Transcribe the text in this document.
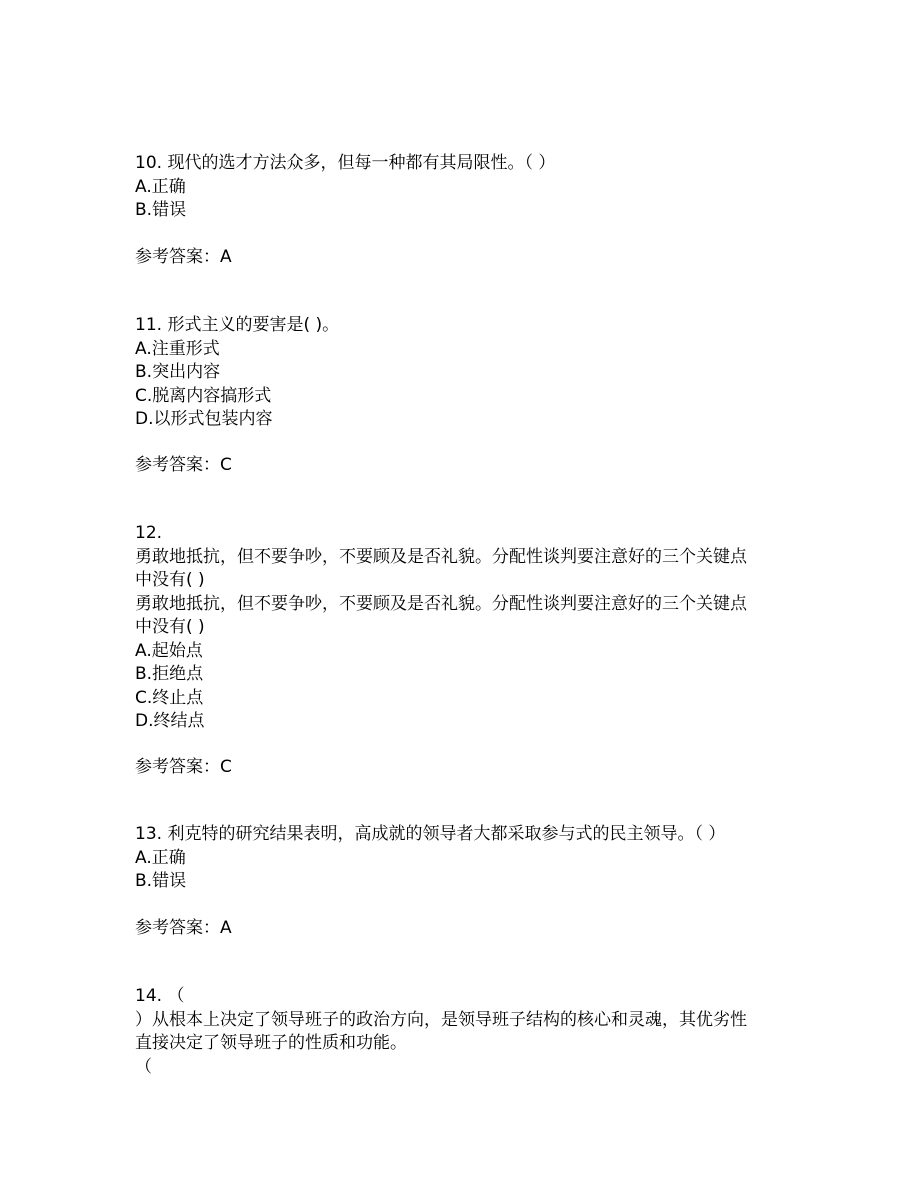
10. 现代的选才方法众多，但每一种都有其局限性。（ ）
A.正确
B.错误
参考答案：A
11. 形式主义的要害是( )。
A.注重形式
B.突出内容
C.脱离内容搞形式
D.以形式包装内容
参考答案：C
12.
勇敢地抵抗，但不要争吵，不要顾及是否礼貌。分配性谈判要注意好的三个关键点
中没有( )
勇敢地抵抗，但不要争吵，不要顾及是否礼貌。分配性谈判要注意好的三个关键点
中没有( )
A.起始点
B.拒绝点
C.终止点
D.终结点
参考答案：C
13. 利克特的研究结果表明，高成就的领导者大都采取参与式的民主领导。（ ）
A.正确
B.错误
参考答案：A
14. （
）从根本上决定了领导班子的政治方向，是领导班子结构的核心和灵魂，其优劣性
直接决定了领导班子的性质和功能。
（
